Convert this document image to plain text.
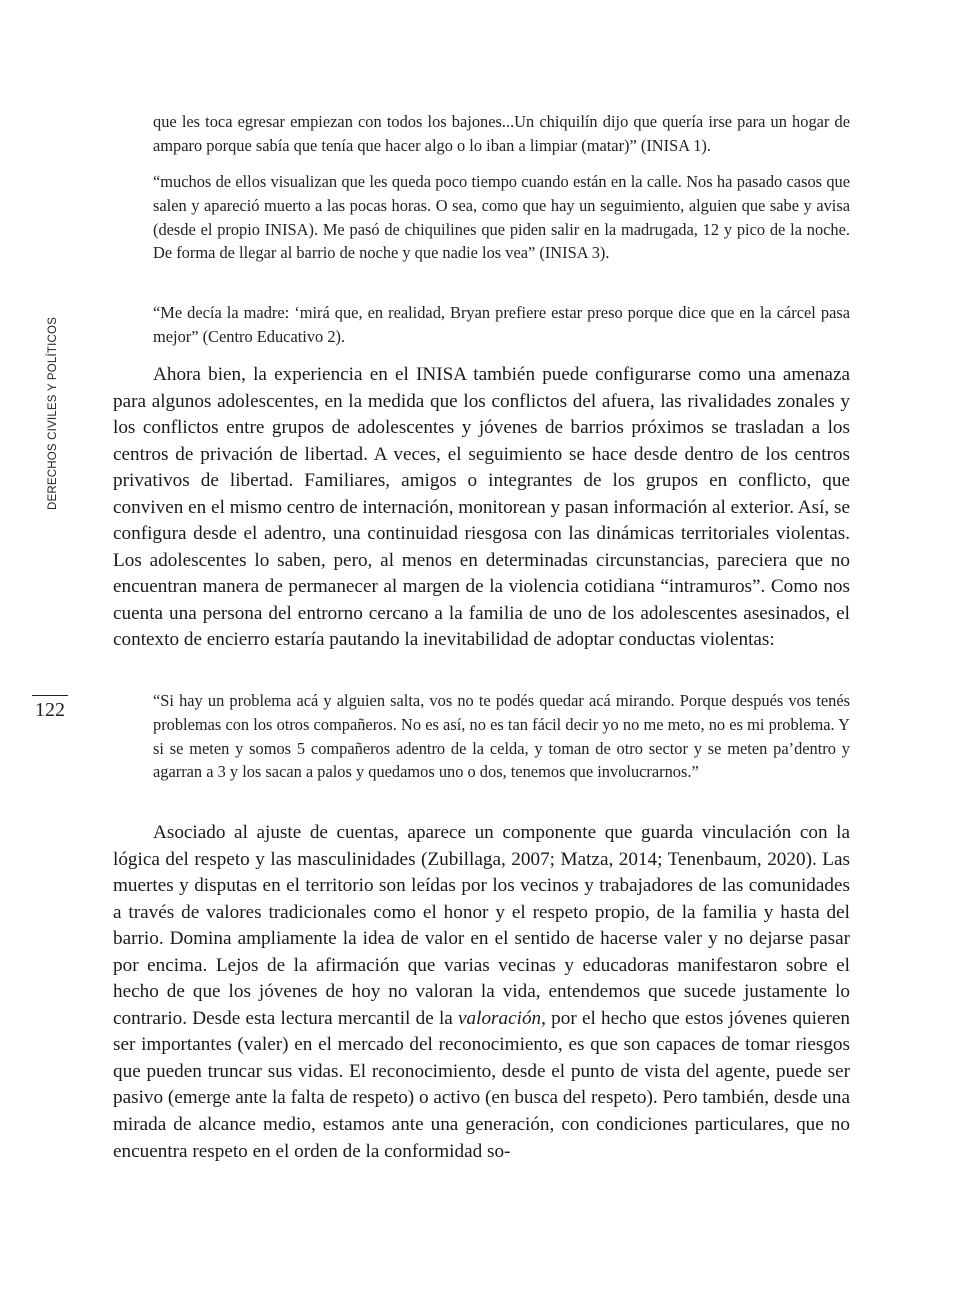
DERECHOS CIVILES Y POLÍTICOS
122

que les toca egresar empiezan con todos los bajones...Un chiquilín dijo que quería irse para un hogar de amparo porque sabía que tenía que hacer algo o lo iban a limpiar (matar)” (INISA 1).

“muchos de ellos visualizan que les queda poco tiempo cuando están en la calle. Nos ha pasado casos que salen y apareció muerto a las pocas horas. O sea, como que hay un seguimiento, alguien que sabe y avisa (desde el propio INISA). Me pasó de chiquilines que piden salir en la madrugada, 12 y pico de la noche. De forma de llegar al barrio de noche y que nadie los vea” (INISA 3).

“Me decía la madre: ‘mirá que, en realidad, Bryan prefiere estar preso porque dice que en la cárcel pasa mejor” (Centro Educativo 2).

Ahora bien, la experiencia en el INISA también puede configurarse como una amenaza para algunos adolescentes, en la medida que los conflictos del afuera, las rivalidades zonales y los conflictos entre grupos de adolescentes y jóvenes de barrios próximos se trasladan a los centros de privación de libertad. A veces, el seguimiento se hace desde dentro de los centros privativos de libertad. Familiares, amigos o integrantes de los grupos en conflicto, que conviven en el mismo centro de internación, monitorean y pasan información al exterior. Así, se configura desde el adentro, una continuidad riesgosa con las dinámicas territoriales violentas. Los adolescentes lo saben, pero, al menos en determinadas circunstancias, pareciera que no encuentran manera de permanecer al margen de la violencia cotidiana “intramuros”. Como nos cuenta una persona del entrorno cercano a la familia de uno de los adolescentes asesinados, el contexto de encierro estaría pautando la inevitabilidad de adoptar conductas violentas:

“Si hay un problema acá y alguien salta, vos no te podés quedar acá mirando. Porque después vos tenés problemas con los otros compañeros. No es así, no es tan fácil decir yo no me meto, no es mi problema. Y si se meten y somos 5 compañeros adentro de la celda, y toman de otro sector y se meten pa’dentro y agarran a 3 y los sacan a palos y quedamos uno o dos, tenemos que involucrarnos.”

Asociado al ajuste de cuentas, aparece un componente que guarda vinculación con la lógica del respeto y las masculinidades (Zubillaga, 2007; Matza, 2014; Tenenbaum, 2020). Las muertes y disputas en el territorio son leídas por los vecinos y trabajadores de las comunidades a través de valores tradicionales como el honor y el respeto propio, de la familia y hasta del barrio. Domina ampliamente la idea de valor en el sentido de hacerse valer y no dejarse pasar por encima. Lejos de la afirmación que varias vecinas y educadoras manifestaron sobre el hecho de que los jóvenes de hoy no valoran la vida, entendemos que sucede justamente lo contrario. Desde esta lectura mercantil de la valoración, por el hecho que estos jóvenes quieren ser importantes (valer) en el mercado del reconocimiento, es que son capaces de tomar riesgos que pueden truncar sus vidas. El reconocimiento, desde el punto de vista del agente, puede ser pasivo (emerge ante la falta de respeto) o activo (en busca del respeto). Pero también, desde una mirada de alcance medio, estamos ante una generación, con condiciones particulares, que no encuentra respeto en el orden de la conformidad so-
